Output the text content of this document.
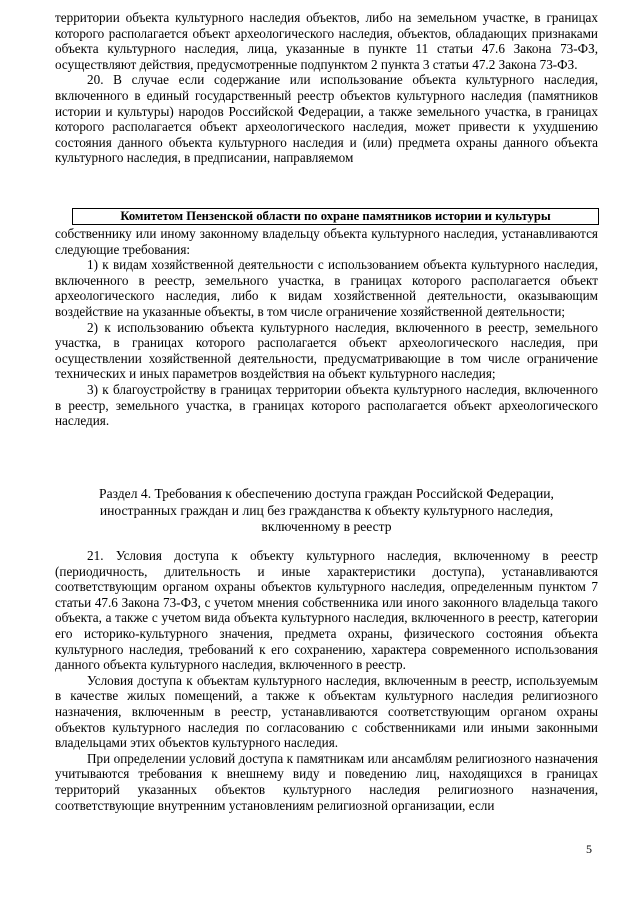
территории объекта культурного наследия объектов, либо на земельном участке, в границах которого располагается объект археологического наследия, объектов, обладающих признаками объекта культурного наследия, лица, указанные в пункте 11 статьи 47.6 Закона 73-ФЗ, осуществляют действия, предусмотренные подпунктом 2 пункта 3 статьи 47.2 Закона 73-ФЗ.

20. В случае если содержание или использование объекта культурного наследия, включенного в единый государственный реестр объектов культурного наследия (памятников истории и культуры) народов Российской Федерации, а также земельного участка, в границах которого располагается объект археологического наследия, может привести к ухудшению состояния данного объекта культурного наследия и (или) предмета охраны данного объекта культурного наследия, в предписании, направляемом

Комитетом Пензенской области по охране памятников истории и культуры

собственнику или иному законному владельцу объекта культурного наследия, устанавливаются следующие требования:

1) к видам хозяйственной деятельности с использованием объекта культурного наследия, включенного в реестр, земельного участка, в границах которого располагается объект археологического наследия, либо к видам хозяйственной деятельности, оказывающим воздействие на указанные объекты, в том числе ограничение хозяйственной деятельности;

2) к использованию объекта культурного наследия, включенного в реестр, земельного участка, в границах которого располагается объект археологического наследия, при осуществлении хозяйственной деятельности, предусматривающие в том числе ограничение технических и иных параметров воздействия на объект культурного наследия;

3) к благоустройству в границах территории объекта культурного наследия, включенного в реестр, земельного участка, в границах которого располагается объект археологического наследия.

Раздел 4. Требования к обеспечению доступа граждан Российской Федерации,
иностранных граждан и лиц без гражданства к объекту культурного наследия,
включенному в реестр

21. Условия доступа к объекту культурного наследия, включенному в реестр (периодичность, длительность и иные характеристики доступа), устанавливаются соответствующим органом охраны объектов культурного наследия, определенным пунктом 7 статьи 47.6 Закона 73-ФЗ, с учетом мнения собственника или иного законного владельца такого объекта, а также с учетом вида объекта культурного наследия, включенного в реестр, категории его историко-культурного значения, предмета охраны, физического состояния объекта культурного наследия, требований к его сохранению, характера современного использования данного объекта культурного наследия, включенного в реестр.

Условия доступа к объектам культурного наследия, включенным в реестр, используемым в качестве жилых помещений, а также к объектам культурного наследия религиозного назначения, включенным в реестр, устанавливаются соответствующим органом охраны объектов культурного наследия по согласованию с собственниками или иными законными владельцами этих объектов культурного наследия.

При определении условий доступа к памятникам или ансамблям религиозного назначения учитываются требования к внешнему виду и поведению лиц, находящихся в границах территорий указанных объектов культурного наследия религиозного назначения, соответствующие внутренним установлениям религиозной организации, если

5
